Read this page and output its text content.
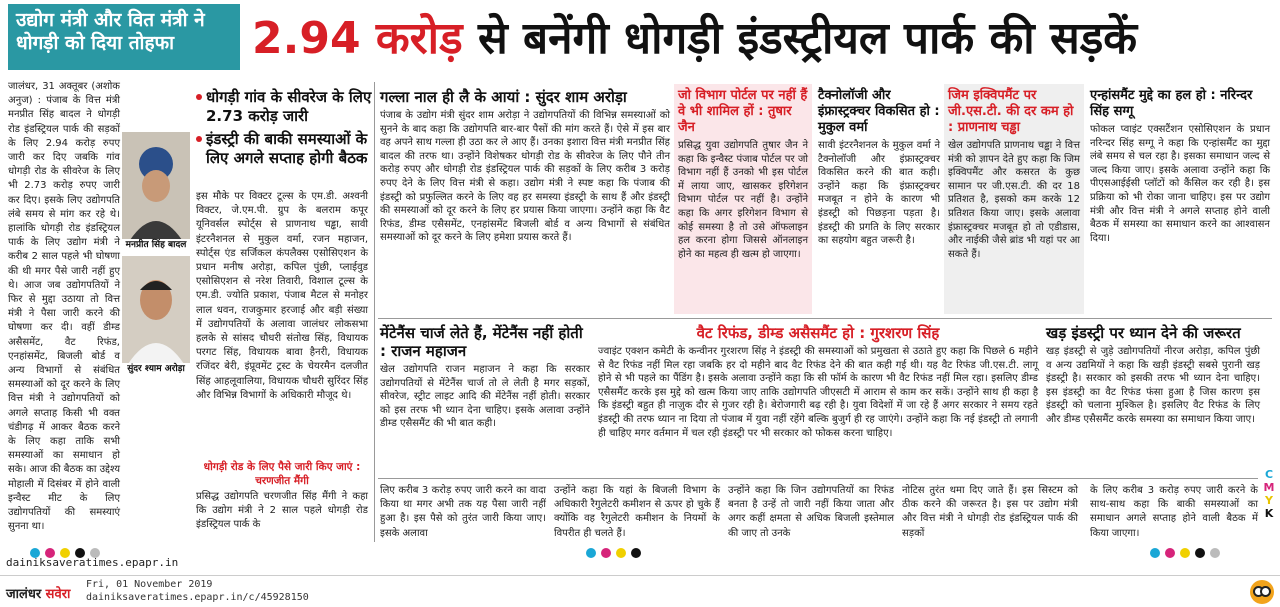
उद्योग मंत्री और वित मंत्री ने धोगड़ी को दिया तोहफा	2.94 करोड़ से बनेंगी धोगड़ी इंडस्ट्रीयल पार्क की सड़कें
जालंधर, 31 अक्तूबर (अशोक अनुज) : पंजाब के वित्त मंत्री मनप्रीत सिंह बादल ने धोगड़ी रोड इंडस्ट्रियल पार्क की सड़कों के लिए 2.94 करोड़ रुपए जारी कर दिए जबकि गांव धोगड़ी रोड के सीवरेज के लिए भी 2.73 करोड़ रुपए जारी कर दिए। इसके लिए उद्योगपति लंबे समय से मांग कर रहे थे। हालांकि धोगड़ी रोड इंडस्ट्रियल पार्क के लिए उद्योग मंत्री ने करीब 2 साल पहले भी घोषणा की थी मगर पैसे जारी नहीं हुए थे। आज जब उद्योगपतियों ने फिर से मुद्दा उठाया तो वित्त मंत्री ने पैसा जारी करने की घोषणा कर दी। वहीं डीम्ड असैसमेंट, वैट रिफंड, एनहांसमेंट, बिजली बोर्ड व अन्य विभागों से संबंधित समस्याओं को दूर करने के लिए वित्त मंत्री ने उद्योगपतियों को अगले सप्ताह किसी भी वक्त चंडीगढ़ में आकर बैठक करने के लिए कहा ताकि सभी समस्याओं का समाधान हो सके। आज की बैठक का उद्देश्य मोहाली में दिसंबर में होने वाली इन्वैस्ट मीट के लिए उद्योगपतियों की समस्याएं सुनना था।
मनप्रीत सिंह बादल
सुंदर श्याम अरोड़ा
धोगड़ी गांव के सीवरेज के लिए 2.73 करोड़ जारी
इंडस्ट्री की बाकी समस्याओं के लिए अगले सप्ताह होगी बैठक
इस मौके पर विक्टर टूल्स के एम.डी. अश्वनी विक्टर, जे.एम.पी. ग्रुप के बलराम कपूर यूनिवर्सल स्पोर्ट्स से प्राणनाथ चड्ढा, सावी इंटरनैशनल से मुकुल वर्मा, रजन महाजन, स्पोर्ट्स एंड सर्जिकल कंपलैक्स एसोसिएशन के प्रधान मनीष अरोड़ा, कपिल पुंछी, प्लाईवुड एसोसिएशन से नरेश तिवारी, विशाल टूल्स के एम.डी. ज्योति प्रकाश, पंजाब मैटल से मनोहर लाल धवन, राजकुमार हरजाई और बड़ी संख्या में उद्योगपतियों के अलावा जालंधर लोकसभा हलके से सांसद चौधरी संतोख सिंह, विधायक परगट सिंह, विधायक बावा हैनरी, विधायक रजिंदर बेरी, इंप्रूवमेंट ट्रस्ट के चेयरमैन दलजीत सिंह आहलूवालिया, विधायक चौधरी सुरिंदर सिंह और विभिन्न विभागों के अधिकारी मौजूद थे।
धोगड़ी रोड के लिए पैसे जारी किए जाएं : चरणजीत मैंगी
प्रसिद्ध उद्योगपति चरणजीत सिंह मैंगी ने कहा कि उद्योग मंत्री ने 2 साल पहले धोगड़ी रोड इंडस्ट्रियल पार्क के
गल्ला नाल ही लै के आयां : सुंदर शाम अरोड़ा

पंजाब के उद्योग मंत्री सुंदर शाम अरोड़ा ने उद्योगपतियों की विभिन्न समस्याओं को सुनने के बाद कहा कि उद्योगपति बार-बार पैसों की मांग करते हैं। ऐसे में इस बार वह अपने साथ गल्ला ही उठा कर ले आए हैं। उनका इशारा वित्त मंत्री मनप्रीत सिंह बादल की तरफ था। उन्होंने विशेषकर धोगड़ी रोड के सीवरेज के लिए पौने तीन करोड़ रुपए और धोगड़ी रोड इंडस्ट्रियल पार्क की सड़कों के लिए करीब 3 करोड़ रुपए देने के लिए वित्त मंत्री से कहा। उद्योग मंत्री ने स्पष्ट कहा कि पंजाब की इंडस्ट्री को प्रफुल्लित करने के लिए वह हर समस्या इंडस्ट्री के साथ हैं और इंडस्ट्री की समस्याओं को दूर करने के लिए हर प्रयास किया जाएगा। उन्होंने कहा कि वैट रिफंड, डीम्ड एसैसमेंट, एनहांसमेंट बिजली बोर्ड व अन्य विभागों से संबंधित समस्याओं को दूर करने के लिए हमेशा प्रयास करते हैं।

जो विभाग पोर्टल पर नहीं हैं वे भी शामिल हों : तुषार जैन

प्रसिद्ध युवा उद्योगपति तुषार जैन ने कहा कि इन्वैस्ट पंजाब पोर्टल पर जो विभाग नहीं हैं उनको भी इस पोर्टल में लाया जाए, खासकर इरिगेशन विभाग पोर्टल पर नहीं है। उन्होंने कहा कि अगर इरिगेशन विभाग से कोई समस्या है तो उसे ऑफलाइन हल करना होगा जिससे ऑनलाइन होने का महत्व ही खत्म हो जाएगा।

टैक्नोलॉजी और इंफ्रास्ट्रक्चर विकसित हो : मुकुल वर्मा

सावी इंटरनैशनल के मुकुल वर्मा ने टैक्नोलॉजी और इंफ्रास्ट्रक्चर विकसित करने की बात कही। उन्होंने कहा कि इंफ्रास्ट्रक्चर मजबूत न होने के कारण भी इंडस्ट्री को पिछड़ना पड़ता है। इंडस्ट्री की प्रगति के लिए सरकार का सहयोग बहुत जरूरी है।

जिम इक्विपमैंट पर जी.एस.टी. की दर कम हो : प्राणनाथ चड्ढा

खेल उद्योगपति प्राणनाथ चड्ढा ने वित्त मंत्री को ज्ञापन देते हुए कहा कि जिम इक्विपमैंट और कसरत के कुछ सामान पर जी.एस.टी. की दर 18 प्रतिशत है, इसको कम करके 12 प्रतिशत किया जाए। इसके अलावा इंफ्रास्ट्रक्चर मजबूत हो तो एडीडास, और नाईकी जैसे ब्रांड भी यहां पर आ सकते हैं।

एन्हांसमैंट मुद्दे का हल हो : नरिन्दर सिंह सग्गू

फोकल प्वाइंट एक्सटैंशन एसोसिएशन के प्रधान नरिन्दर सिंह सग्गू ने कहा कि एन्हांसमैंट का मुद्दा लंबे समय से चल रहा है। इसका समाधान जल्द से जल्द किया जाए। इसके अलावा उन्होंने कहा कि पीएसआईईसी प्लॉटों को कैंसिल कर रही है। इस प्रक्रिया को भी रोका जाना चाहिए। इस पर उद्योग मंत्री और वित्त मंत्री ने अगले सप्ताह होने वाली बैठक में समस्या का समाधान करने का आश्वासन दिया।

मेंटेनैंस चार्ज लेते हैं, मेंटेनैंस नहीं होती : राजन महाजन

खेल उद्योगपति राजन महाजन ने कहा कि सरकार उद्योगपतियों से मेंटेनैंस चार्ज तो ले लेती है मगर सड़कों, सीवरेज, स्ट्रीट लाइट आदि की मेंटेनैंस नहीं होती। सरकार को इस तरफ भी ध्यान देना चाहिए। इसके अलावा उन्होंने डीम्ड एसैसमैंट की भी बात कही।

वैट रिफंड, डीम्ड असैसमैंट हो : गुरशरण सिंह

ज्वाइंट एक्शन कमेटी के कन्वीनर गुरशरण सिंह ने इंडस्ट्री की समस्याओं को प्रमुखता से उठाते हुए कहा कि पिछले 6 महीने से वैट रिफंड नहीं मिल रहा जबकि हर दो महीने बाद वैट रिफंड देने की बात कही गई थी। यह वैट रिफंड जी.एस.टी. लागू होने से भी पहले का पैंडिंग है। इसके अलावा उन्होंने कहा कि सी फॉर्म के कारण भी वैट रिफंड नहीं मिल रहा। इसलिए डीम्ड एसैसमैंट करके इस मुद्दे को खत्म किया जाए ताकि उद्योगपति जीएसटी में आराम से काम कर सकें। उन्होंने साथ ही कहा है कि इंडस्ट्री बहुत ही नाज़ुक दौर से गुजर रही है। बेरोजगारी बढ़ रही है। युवा विदेशों में जा रहे हैं अगर सरकार ने समय रहते इंडस्ट्री की तरफ ध्यान ना दिया तो पंजाब में युवा नहीं रहेंगे बल्कि बुजुर्ग ही रह जाएंगे। उन्होंने कहा कि नई इंडस्ट्री तो लगानी ही चाहिए मगर वर्तमान में चल रही इंडस्ट्री पर भी सरकार को फोकस करना चाहिए।

खड़ इंडस्ट्री पर ध्यान देने की जरूरत

खड़ इंडस्ट्री से जुड़े उद्योगपतियों नीरज अरोड़ा, कपिल पुंछी व अन्य उद्यमियों ने कहा कि खड़ी इंडस्ट्री सबसे पुरानी खड़ इंडस्ट्री है। सरकार को इसकी तरफ भी ध्यान देना चाहिए। इस इंडस्ट्री का वैट रिफंड फंसा हुआ है जिस कारण इस इंडस्ट्री को चलाना मुश्किल है। इसलिए वैट रिफंड के लिए और डीम्ड एसैसमैंट करके समस्या का समाधान किया जाए।

लिए करीब 3 करोड़ रुपए जारी करने का वादा किया था मगर अभी तक यह पैसा जारी नहीं हुआ है। इस पैसे को तुरंत जारी किया जाए। इसके अलावा
उन्होंने कहा कि यहां के बिजली विभाग के अधिकारी रैगुलेटरी कमीशन से ऊपर हो चुके हैं क्योंकि वह रैगुलेटरी कमीशन के नियमों के विपरीत ही चलते हैं।
उन्होंने कहा कि जिन उद्योगपतियों का रिफंड बनता है उन्हें तो जारी नहीं किया जाता और अगर कहीं क्षमता से अधिक बिजली इस्तेमाल की जाए तो उनके
नोटिस तुरंत थमा दिए जाते हैं। इस सिस्टम को ठीक करने की जरूरत है। इस पर उद्योग मंत्री और वित्त मंत्री ने धोगड़ी रोड इंडस्ट्रियल पार्क की सड़कों
के लिए करीब 3 करोड़ रुपए जारी करने के साथ-साथ कहा कि बाकी समस्याओं का समाधान अगले सप्ताह होने वाली बैठक में किया जाएगा।
C
M
Y
K
dainiksaveratimes.epapr.in
जालंधर सवेरा
Fri, 01 November 2019
dainiksaveratimes.epapr.in/c/45928150
